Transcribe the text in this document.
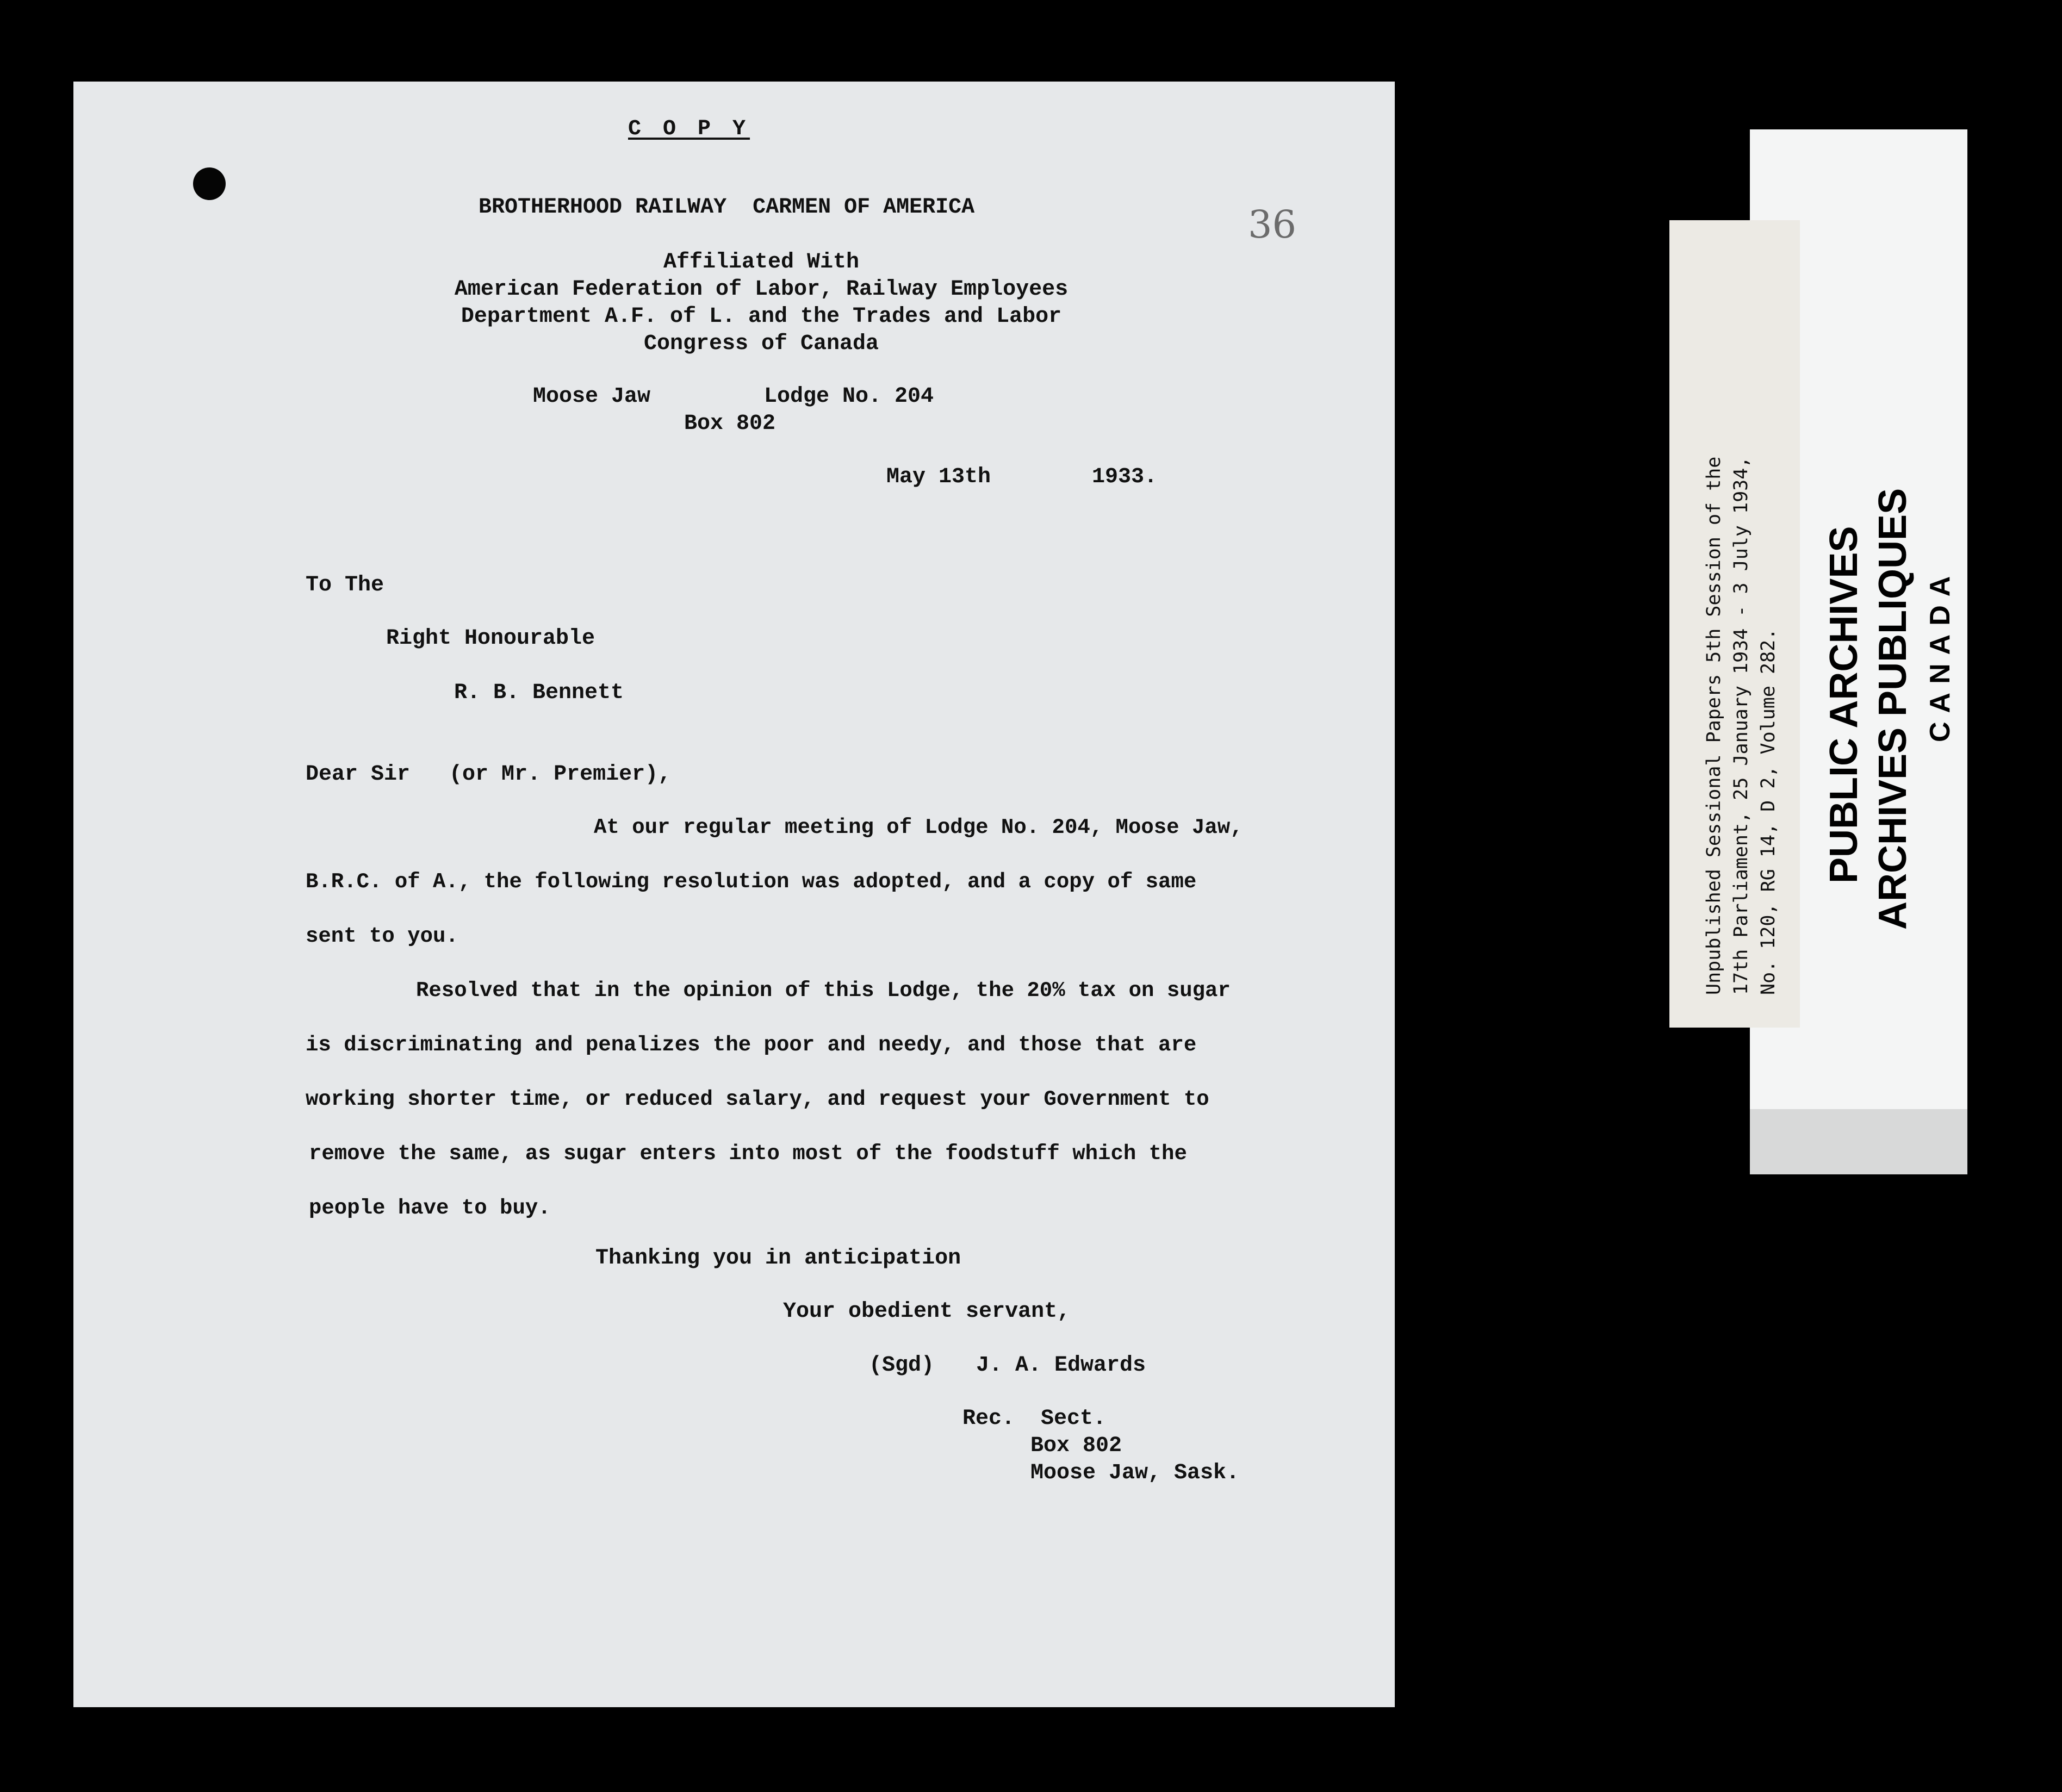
C O P Y
36
BROTHERHOOD RAILWAY  CARMEN OF AMERICA
Affiliated With
American Federation of Labor, Railway Employees
Department A.F. of L. and the Trades and Labor
Congress of Canada
Moose Jaw	Lodge No. 204
Box 802
May 13th	1933.
To The
Right Honourable
R. B. Bennett
Dear Sir   (or Mr. Premier),
At our regular meeting of Lodge No. 204, Moose Jaw,
B.R.C. of A., the following resolution was adopted, and a copy of same
sent to you.
Resolved that in the opinion of this Lodge, the 20% tax on sugar
is discriminating and penalizes the poor and needy, and those that are
working shorter time, or reduced salary, and request your Government to
remove the same, as sugar enters into most of the foodstuff which the
people have to buy.
Thanking you in anticipation
Your obedient servant,
(Sgd) J. A. Edwards
Rec.  Sect.
Box 802
Moose Jaw, Sask.
Unpublished Sessional Papers 5th Session of the 17th Parliament, 25 January 1934 - 3 July 1934, No. 120, RG 14, D 2, Volume 282. PUBLIC ARCHIVES ARCHIVES PUBLIQUES CANADA
